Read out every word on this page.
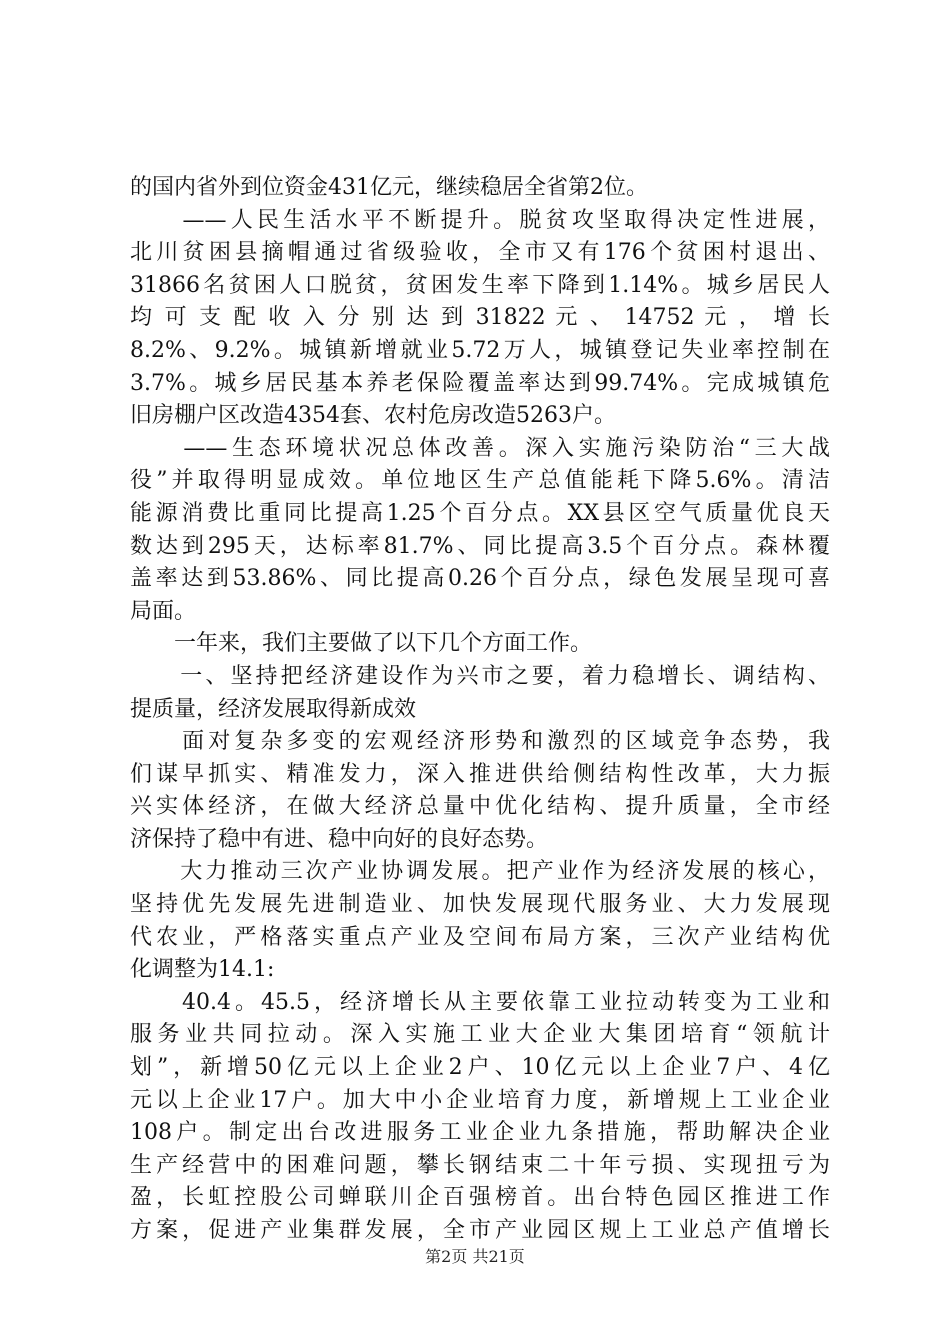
的国内省外到位资金431亿元，继续稳居全省第2位。
　　——人民生活水平不断提升。脱贫攻坚取得决定性进展，
北川贫困县摘帽通过省级验收，全市又有176个贫困村退出、
31866名贫困人口脱贫，贫困发生率下降到1.14%。城乡居民人
均 可 支 配 收 入 分 别 达 到 31822 元 、 14752 元 ， 增 长
8.2%、9.2%。城镇新增就业5.72万人，城镇登记失业率控制在
3.7%。城乡居民基本养老保险覆盖率达到99.74%。完成城镇危
旧房棚户区改造4354套、农村危房改造5263户。
　　——生态环境状况总体改善。深入实施污染防治“三大战
役”并取得明显成效。单位地区生产总值能耗下降5.6%。清洁
能源消费比重同比提高1.25个百分点。XX县区空气质量优良天
数达到295天，达标率81.7%、同比提高3.5个百分点。森林覆
盖率达到53.86%、同比提高0.26个百分点，绿色发展呈现可喜
局面。
　　一年来，我们主要做了以下几个方面工作。
　　一、坚持把经济建设作为兴市之要，着力稳增长、调结构、
提质量，经济发展取得新成效
　　面对复杂多变的宏观经济形势和激烈的区域竞争态势，我
们谋早抓实、精准发力，深入推进供给侧结构性改革，大力振
兴实体经济，在做大经济总量中优化结构、提升质量，全市经
济保持了稳中有进、稳中向好的良好态势。
　　大力推动三次产业协调发展。把产业作为经济发展的核心，
坚持优先发展先进制造业、加快发展现代服务业、大力发展现
代农业，严格落实重点产业及空间布局方案，三次产业结构优
化调整为14.1:
　　40.4。45.5，经济增长从主要依靠工业拉动转变为工业和
服务业共同拉动。深入实施工业大企业大集团培育“领航计
划”，新增50亿元以上企业2户、10亿元以上企业7户、4亿
元以上企业17户。加大中小企业培育力度，新增规上工业企业
108户。制定出台改进服务工业企业九条措施，帮助解决企业
生产经营中的困难问题，攀长钢结束二十年亏损、实现扭亏为
盈，长虹控股公司蝉联川企百强榜首。出台特色园区推进工作
方案，促进产业集群发展，全市产业园区规上工业总产值增长
第2页 共21页
